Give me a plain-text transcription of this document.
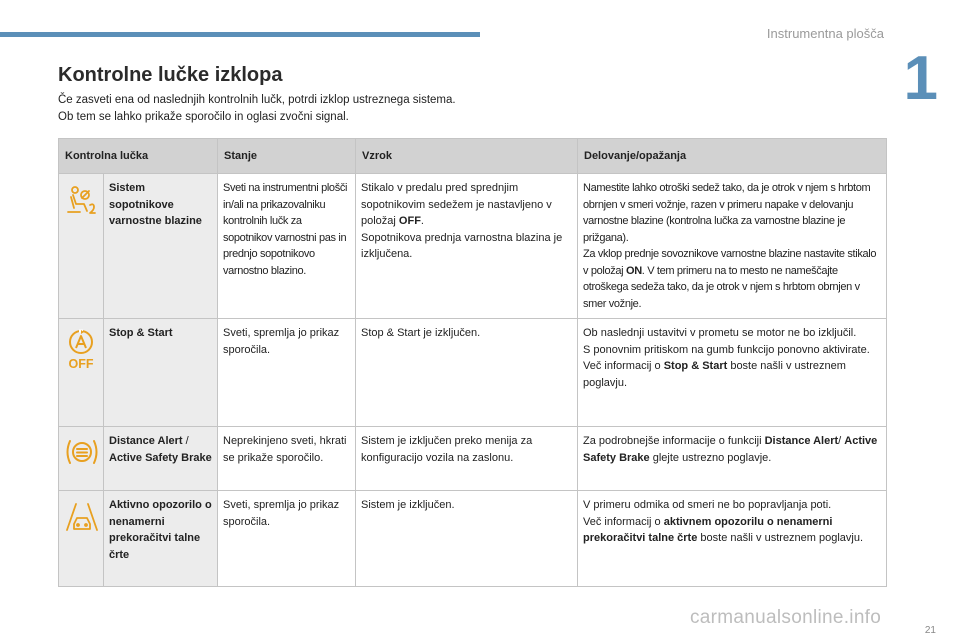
Instrumentna plošča
1
Kontrolne lučke izklopa
Če zasveti ena od naslednjih kontrolnih lučk, potrdi izklop ustreznega sistema.
Ob tem se lahko prikaže sporočilo in oglasi zvočni signal.
Kontrolna lučka		Stanje	Vzrok	Delovanje/opažanja

	Sistem sopotnikove varnostne blazine	Sveti na instrumentni plošči in/ali na prikazovalniku kontrolnih lučk za sopotnikov varnostni pas in prednjo sopotnikovo varnostno blazino.	Stikalo v predalu pred sprednjim sopotnikovim sedežem je nastavljeno v položaj OFF.
Sopotnikova prednja varnostna blazina je izključena.	Namestite lahko otroški sedež tako, da je otrok v njem s hrbtom obrnjen v smeri vožnje, razen v primeru napake v delovanju varnostne blazine (kontrolna lučka za varnostne blazine je prižgana).
Za vklop prednje sovoznikove varnostne blazine nastavite stikalo v položaj ON. V tem primeru na to mesto ne nameščajte otroškega sedeža tako, da je otrok v njem s hrbtom obrnjen v smer vožnje.

OFF	Stop & Start	Sveti, spremlja jo prikaz sporočila.	Stop & Start je izključen.	Ob naslednji ustavitvi v prometu se motor ne bo izključil.
S ponovnim pritiskom na gumb funkcijo ponovno aktivirate.
Več informacij o Stop & Start boste našli v ustreznem poglavju.

	Distance Alert / Active Safety Brake	Neprekinjeno sveti, hkrati se prikaže sporočilo.	Sistem je izključen preko menija za konfiguracijo vozila na zaslonu.	Za podrobnejše informacije o funkciji Distance Alert/ Active Safety Brake glejte ustrezno poglavje.

	Aktivno opozorilo o nenamerni prekoračitvi talne črte	Sveti, spremlja jo prikaz sporočila.	Sistem je izključen.	V primeru odmika od smeri ne bo popravljanja poti.
Več informacij o aktivnem opozorilu o nenamerni prekoračitvi talne črte boste našli v ustreznem poglavju.
21
carmanualsonline.info
